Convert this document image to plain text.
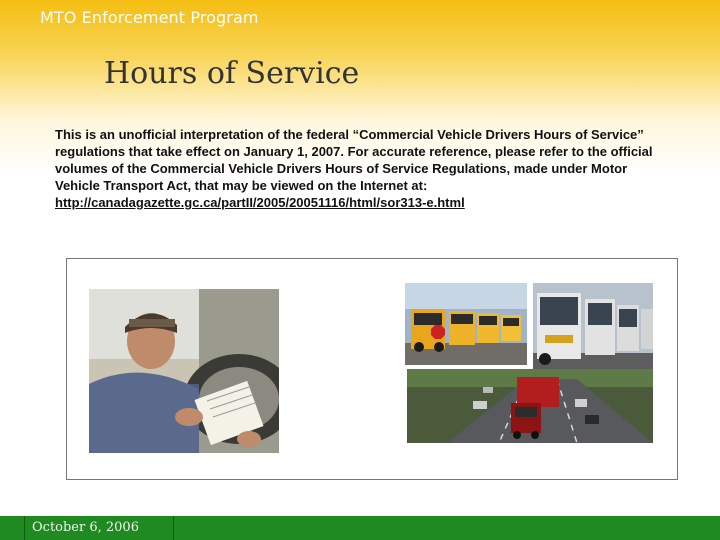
MTO Enforcement Program
Hours of Service
This is an unofficial interpretation of the federal “Commercial Vehicle Drivers Hours of Service” regulations that take effect on January 1, 2007. For accurate reference, please refer to the official volumes of the Commercial Vehicle Drivers Hours of Service Regulations, made under Motor Vehicle Transport Act, that may be viewed on the Internet at:
http://canadagazette.gc.ca/partII/2005/20051116/html/sor313-e.html
October 6, 2006
